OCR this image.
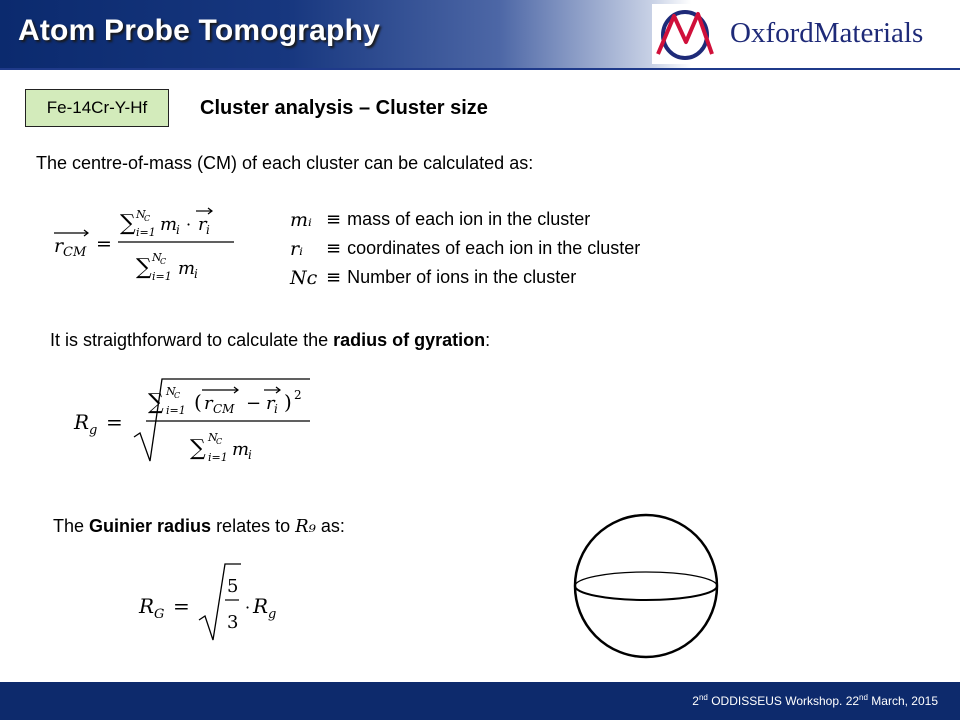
Atom Probe Tomography	OxfordMaterials
Fe-14Cr-Y-Hf	Cluster analysis – Cluster size
The centre-of-mass (CM) of each cluster can be calculated as:
r CM =
∑ N
C
i=1 m
i · r i
∑ N
C
i=1 m
i
mᵢ ≡ mass of each ion in the cluster
rᵢ	≡ coordinates of each ion in the cluster
Nᴄ ≡ Number of ions in the cluster
It is straigthforward to calculate the radius of gyration:
R g =
∑ N
C
i=1 ( r CM − r i ) 2
∑ N
C
i=1 m
i
The Guinier radius relates to R₉ as:
R G =
5
3
· R g
2nd ODDISSEUS Workshop. 22nd March, 2015
